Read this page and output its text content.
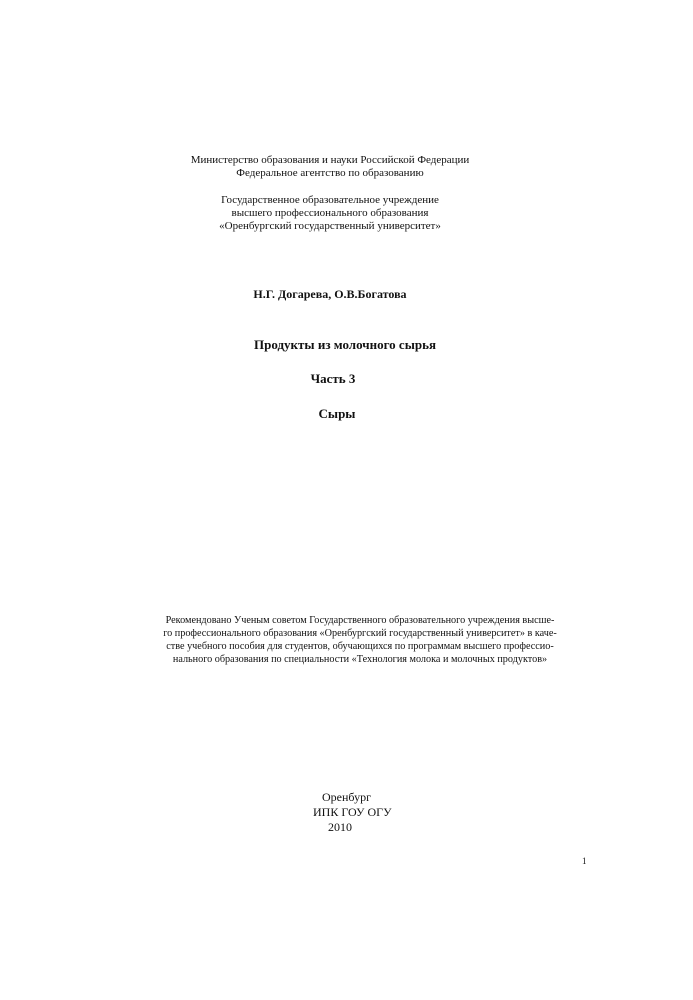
Министерство образования и науки Российской Федерации
Федеральное агентство по образованию
Государственное образовательное учреждение
высшего профессионального образования
«Оренбургский государственный университет»
Н.Г. Догарева, О.В.Богатова
Продукты из молочного сырья
Часть 3
Сыры
Рекомендовано Ученым советом Государственного образовательного учреждения высше-
го профессионального образования «Оренбургский государственный университет» в каче-
стве учебного пособия для студентов, обучающихся по программам высшего профессио-
нального образования по специальности «Технология молока и молочных продуктов»
Оренбург
ИПК ГОУ ОГУ
2010
1
